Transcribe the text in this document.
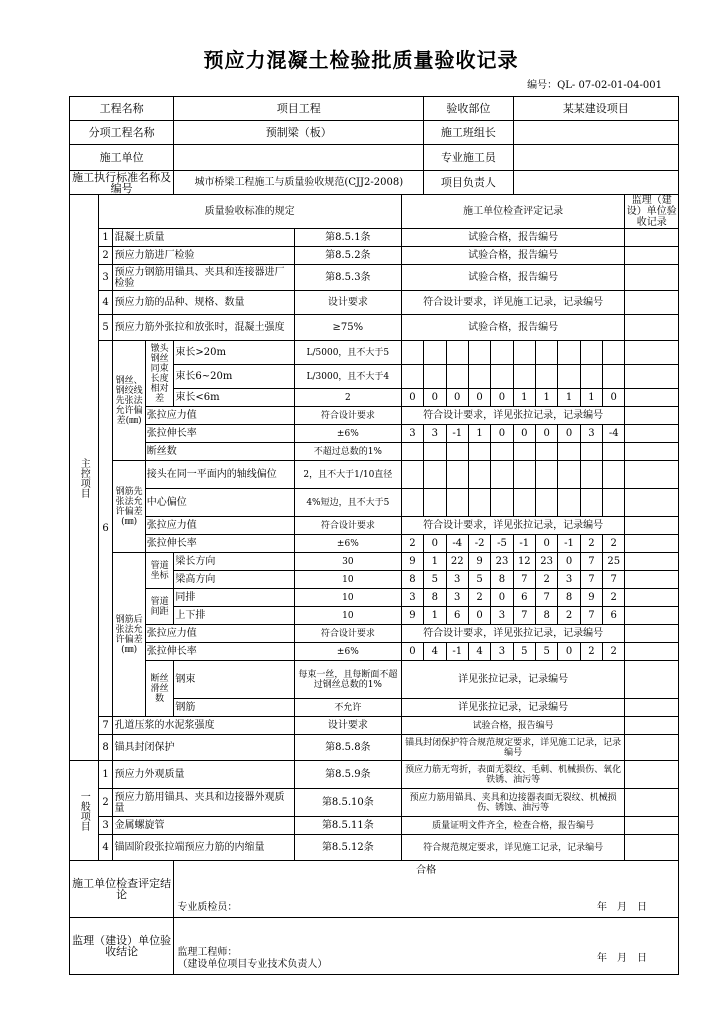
预应力混凝土检验批质量验收记录
编号：QL- 07-02-01-04-001
工程名称				项目工程			验收部位				某某建设项目					
分项工程名称				预制梁（板）			施工班组长									
施工单位							专业施工员									
施工执行标准名称及编号				城市桥梁工程施工与质量验收规范(CJJ2-2008)			项目负责人									
主控项目	质量验收标准的规定					施工单位检查评定记录										监理（建设）单位验收记录
	1	混凝土质量			第8.5.1条	试验合格，报告编号										
	2	预应力筋进厂检验			第8.5.2条	试验合格，报告编号										
	3	预应力钢筋用锚具、夹具和连接器进厂检验			第8.5.3条	试验合格，报告编号										
	4	预应力筋的品种、规格、数量			设计要求	符合设计要求，详见施工记录，记录编号										
	5	预应力筋外张拉和放张时，混凝土强度			≥75%	试验合格，报告编号										
	6	钢丝、钢绞线先张法允许偏差(㎜)	镦头钢丝同束长度相对差	束长>20m	L/5000，且不大于5											
				束长6~20m	L/3000，且不大于4											
				束长<6m	2	0	0	0	0	0	1	1	1	1	0	
			张拉应力值		符合设计要求	符合设计要求，详见张拉记录，记录编号										
			张拉伸长率		±6%	3	3	-1	1	0	0	0	0	3	-4	
			断丝数		不超过总数的1%											
		钢筋先张法允许偏差(㎜)	接头在同一平面内的轴线偏位		2，且不大于1/10直径											
			中心偏位		4%短边，且不大于5											
			张拉应力值		符合设计要求	符合设计要求，详见张拉记录，记录编号										
			张拉伸长率		±6%	2	0	-4	-2	-5	-1	0	-1	2	2	
		钢筋后张法允许偏差(㎜)	管道坐标	梁长方向	30	9	1	22	9	23	12	23	0	7	25	
				梁高方向	10	8	5	3	5	8	7	2	3	7	7	
			管道间距	同排	10	3	8	3	2	0	6	7	8	9	2	
				上下排	10	9	1	6	0	3	7	8	2	7	6	
			张拉应力值		符合设计要求	符合设计要求，详见张拉记录，记录编号										
			张拉伸长率		±6%	0	4	-1	4	3	5	5	0	2	2	
			断丝滑丝数	钢束	每束一丝，且每断面不超过钢丝总数的1%	详见张拉记录，记录编号										
				钢筋	不允许	详见张拉记录，记录编号										
	7	孔道压浆的水泥浆强度			设计要求	试验合格，报告编号										
	8	锚具封闭保护			第8.5.8条	锚具封闭保护符合规范规定要求，详见施工记录，记录编号										
一般项目	1	预应力外观质量			第8.5.9条	预应力筋无弯折，表面无裂纹、毛刺、机械损伤、氧化铁锈、油污等										
	2	预应力筋用锚具、夹具和边接器外观质量			第8.5.10条	预应力筋用锚具、夹具和边接器表面无裂纹、机械损伤、锈蚀、油污等										
	3	金属螺旋管			第8.5.11条	质量证明文件齐全，检查合格，报告编号										
	4	锚固阶段张拉端预应力筋的内缩量			第8.5.12条	符合规范规定要求，详见施工记录，记录编号										
施工单位检查评定结论				合格
专业质检员： 年　月　日												

监理（建设）单位验收结论				监理工程师：
（建设单位项目专业技术负责人）
年　月　日												
